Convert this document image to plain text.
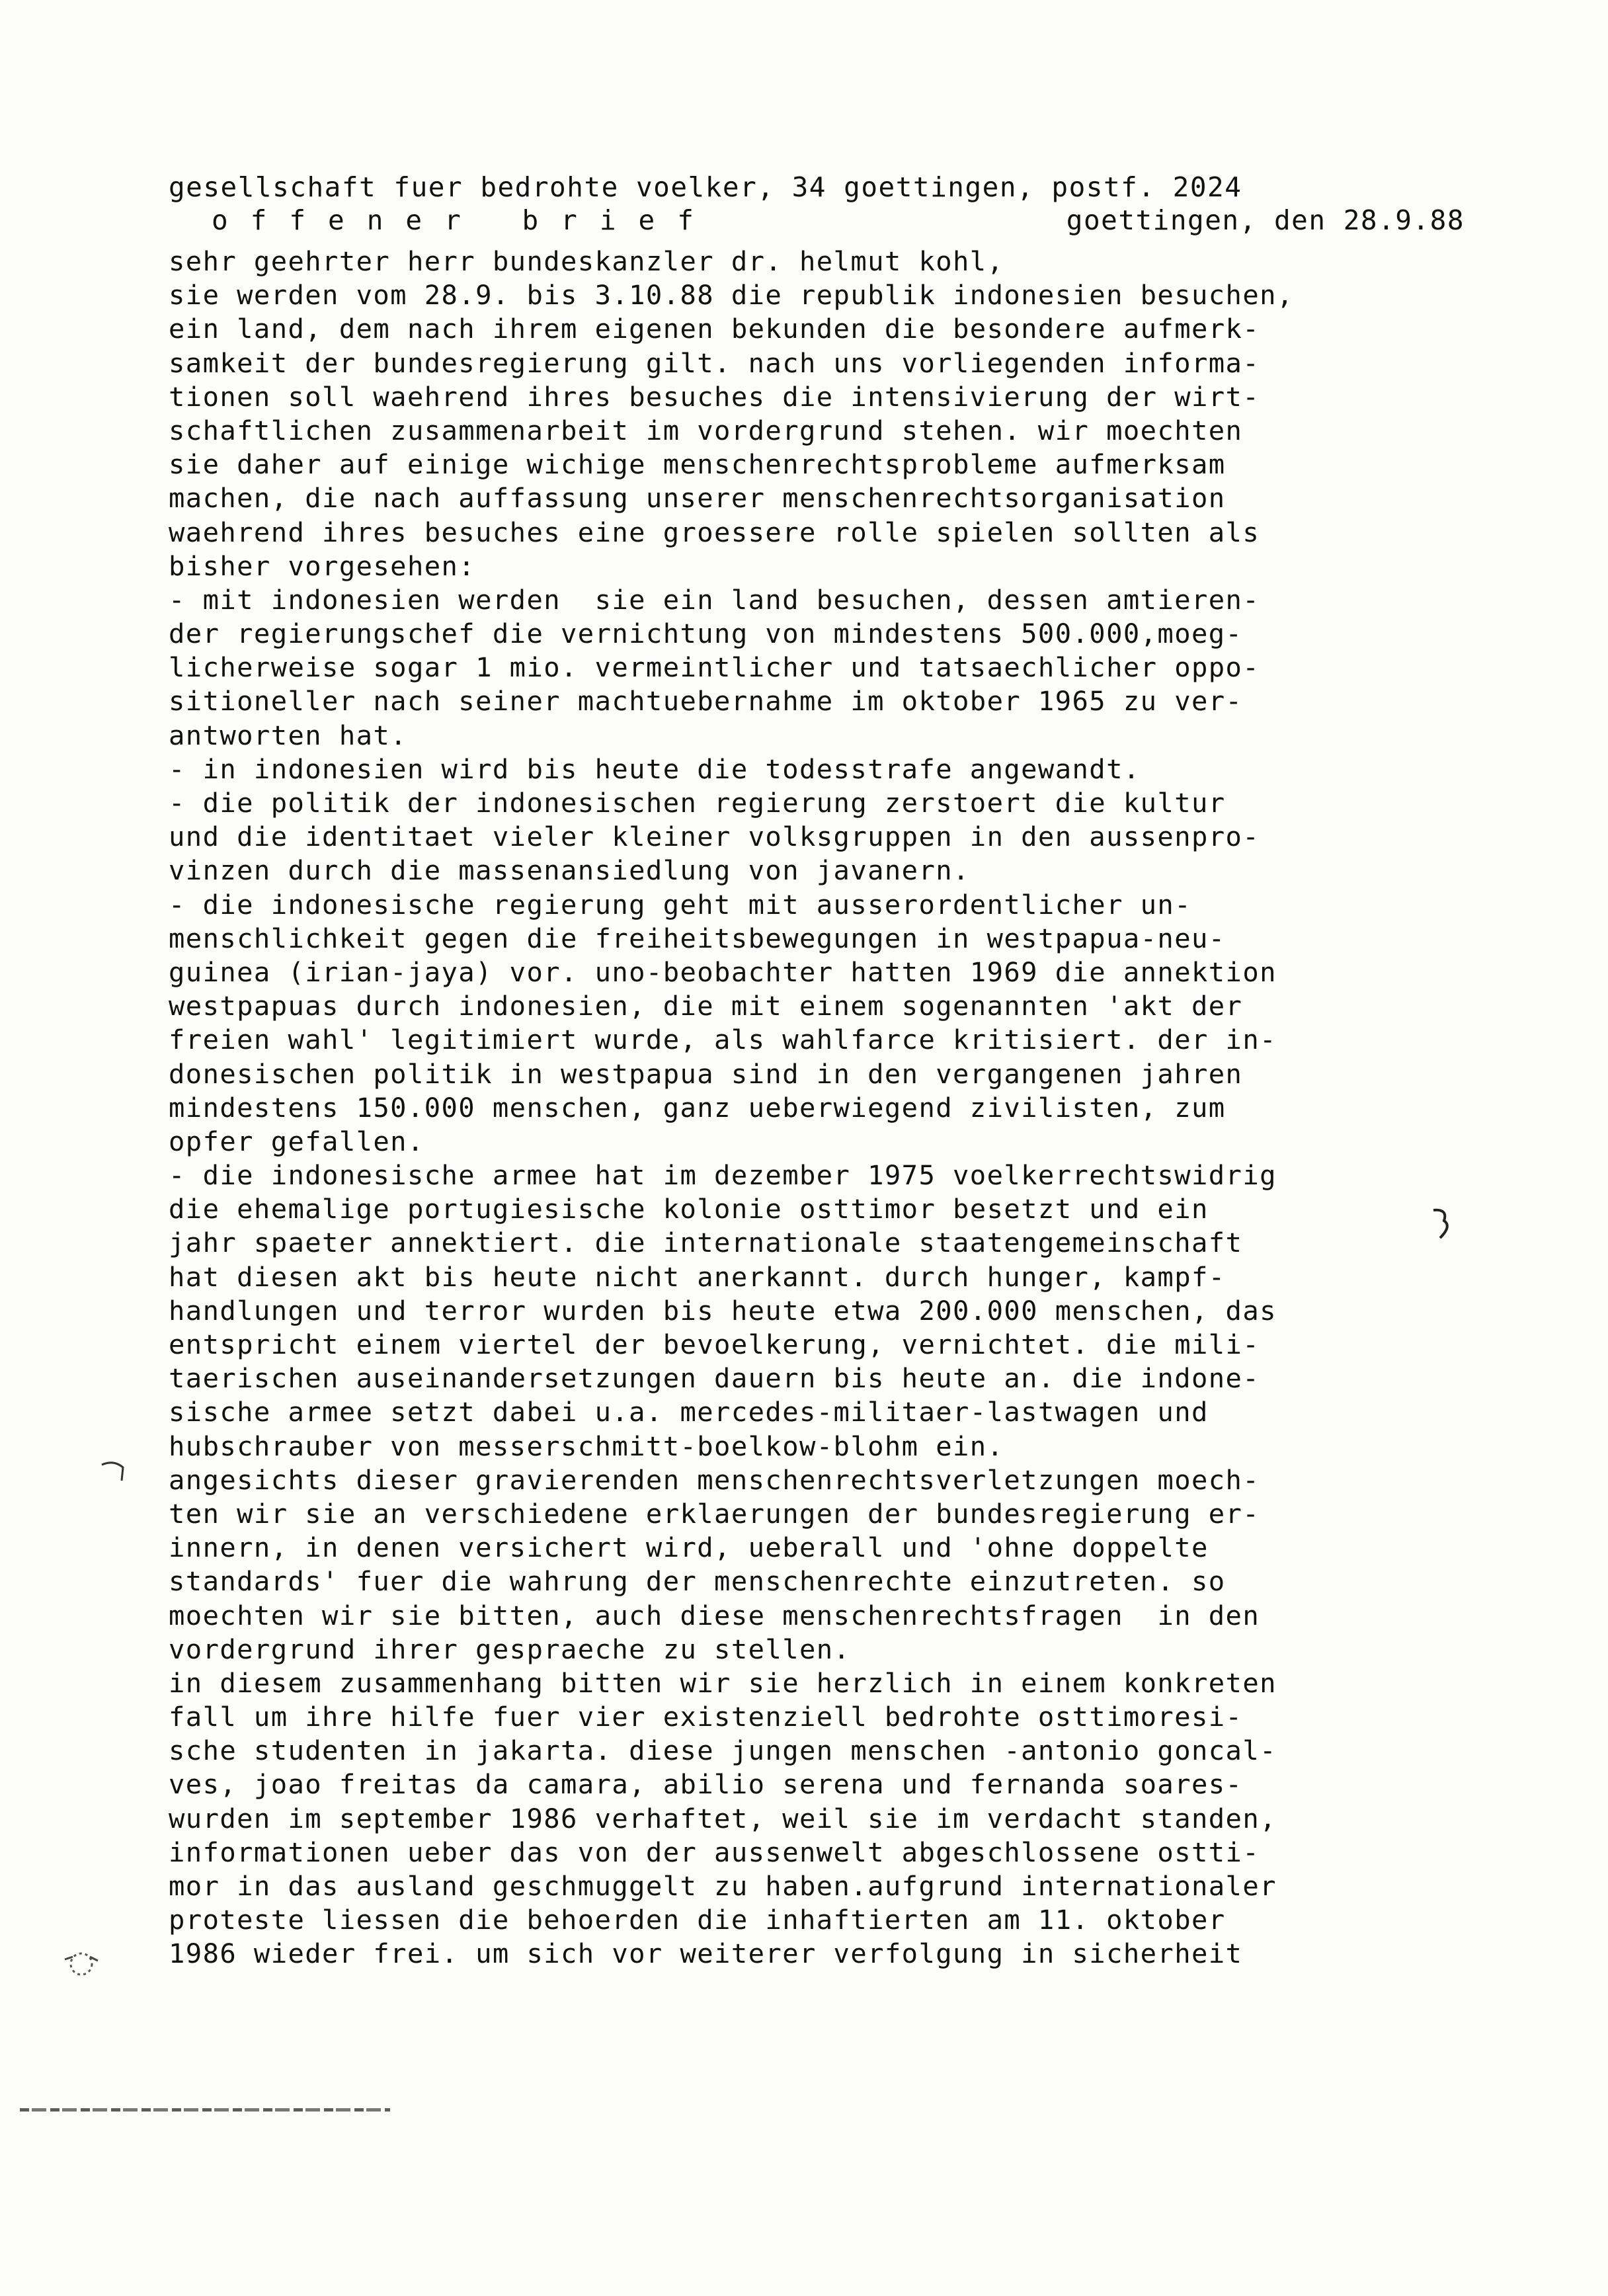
gesellschaft fuer bedrohte voelker, 34 goettingen, postf. 2024
offener brief	goettingen, den 28.9.88
sehr geehrter herr bundeskanzler dr. helmut kohl,
sie werden vom 28.9. bis 3.10.88 die republik indonesien besuchen,
ein land, dem nach ihrem eigenen bekunden die besondere aufmerk-
samkeit der bundesregierung gilt. nach uns vorliegenden informa-
tionen soll waehrend ihres besuches die intensivierung der wirt-
schaftlichen zusammenarbeit im vordergrund stehen. wir moechten
sie daher auf einige wichige menschenrechtsprobleme aufmerksam
machen, die nach auffassung unserer menschenrechtsorganisation
waehrend ihres besuches eine groessere rolle spielen sollten als
bisher vorgesehen:
- mit indonesien werden  sie ein land besuchen, dessen amtieren-
der regierungschef die vernichtung von mindestens 500.000,moeg-
licherweise sogar 1 mio. vermeintlicher und tatsaechlicher oppo-
sitioneller nach seiner machtuebernahme im oktober 1965 zu ver-
antworten hat.
- in indonesien wird bis heute die todesstrafe angewandt.
- die politik der indonesischen regierung zerstoert die kultur
und die identitaet vieler kleiner volksgruppen in den aussenpro-
vinzen durch die massenansiedlung von javanern.
- die indonesische regierung geht mit ausserordentlicher un-
menschlichkeit gegen die freiheitsbewegungen in westpapua-neu-
guinea (irian-jaya) vor. uno-beobachter hatten 1969 die annektion
westpapuas durch indonesien, die mit einem sogenannten 'akt der
freien wahl' legitimiert wurde, als wahlfarce kritisiert. der in-
donesischen politik in westpapua sind in den vergangenen jahren
mindestens 150.000 menschen, ganz ueberwiegend zivilisten, zum
opfer gefallen.
- die indonesische armee hat im dezember 1975 voelkerrechtswidrig
die ehemalige portugiesische kolonie osttimor besetzt und ein
jahr spaeter annektiert. die internationale staatengemeinschaft
hat diesen akt bis heute nicht anerkannt. durch hunger, kampf-
handlungen und terror wurden bis heute etwa 200.000 menschen, das
entspricht einem viertel der bevoelkerung, vernichtet. die mili-
taerischen auseinandersetzungen dauern bis heute an. die indone-
sische armee setzt dabei u.a. mercedes-militaer-lastwagen und
hubschrauber von messerschmitt-boelkow-blohm ein.
angesichts dieser gravierenden menschenrechtsverletzungen moech-
ten wir sie an verschiedene erklaerungen der bundesregierung er-
innern, in denen versichert wird, ueberall und 'ohne doppelte
standards' fuer die wahrung der menschenrechte einzutreten. so
moechten wir sie bitten, auch diese menschenrechtsfragen  in den
vordergrund ihrer gespraeche zu stellen.
in diesem zusammenhang bitten wir sie herzlich in einem konkreten
fall um ihre hilfe fuer vier existenziell bedrohte osttimoresi-
sche studenten in jakarta. diese jungen menschen -antonio goncal-
ves, joao freitas da camara, abilio serena und fernanda soares-
wurden im september 1986 verhaftet, weil sie im verdacht standen,
informationen ueber das von der aussenwelt abgeschlossene ostti-
mor in das ausland geschmuggelt zu haben.aufgrund internationaler
proteste liessen die behoerden die inhaftierten am 11. oktober
1986 wieder frei. um sich vor weiterer verfolgung in sicherheit
